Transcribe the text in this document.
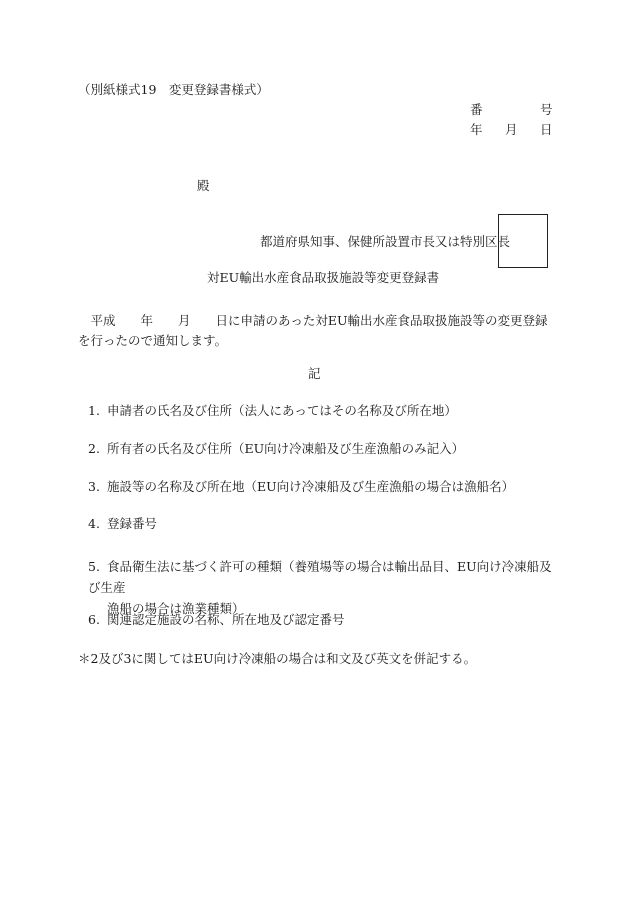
（別紙様式19　変更登録書様式）
番	号
年 月 日
殿
都道府県知事、保健所設置市長又は特別区長
対EU輸出水産食品取扱施設等変更登録書
　平成　　年　　月　　日に申請のあった対EU輸出水産食品取扱施設等の変更登録を行ったので通知します。
記
1. 申請者の氏名及び住所（法人にあってはその名称及び所在地）
2. 所有者の氏名及び住所（EU向け冷凍船及び生産漁船のみ記入）
3. 施設等の名称及び所在地（EU向け冷凍船及び生産漁船の場合は漁船名）
4. 登録番号
5. 食品衛生法に基づく許可の種類（養殖場等の場合は輸出品目、EU向け冷凍船及び生産
漁船の場合は漁業種類）
6. 関連認定施設の名称、所在地及び認定番号
＊2及び3に関してはEU向け冷凍船の場合は和文及び英文を併記する。
